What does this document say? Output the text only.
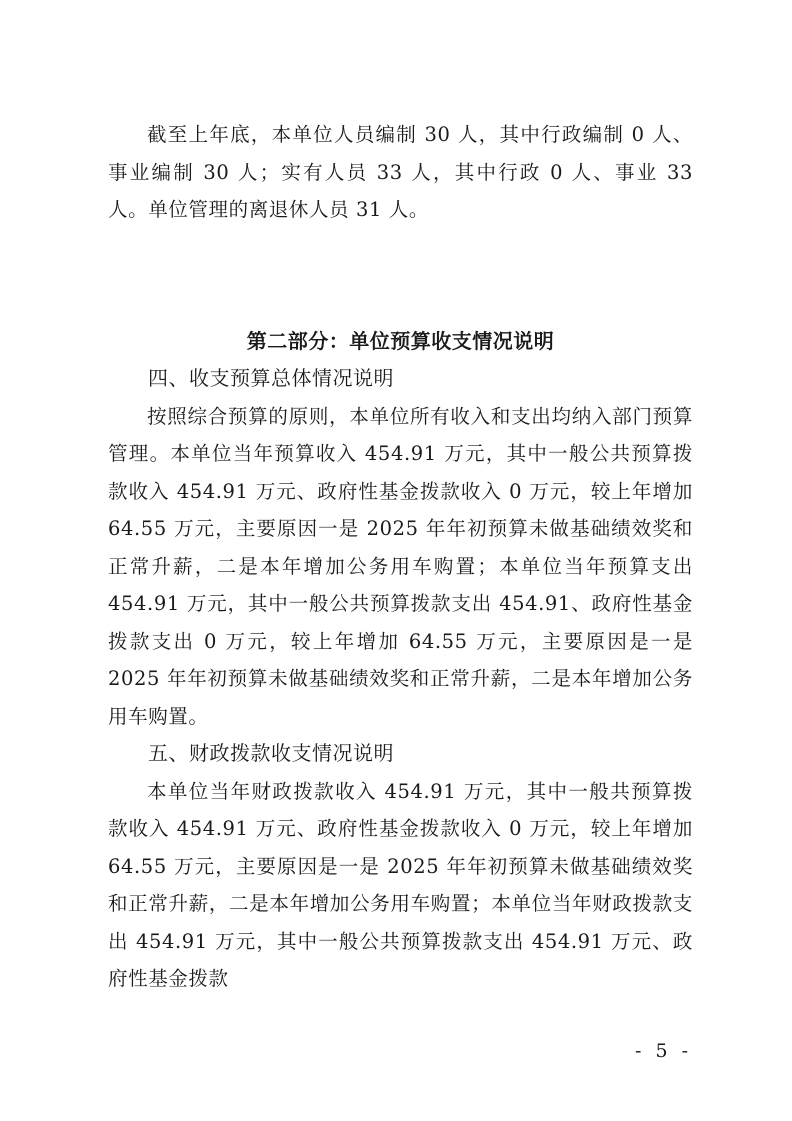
截至上年底，本单位人员编制 30 人，其中行政编制 0 人、事业编制 30 人；实有人员 33 人，其中行政 0 人、事业 33 人。单位管理的离退休人员 31 人。

第二部分：单位预算收支情况说明

四、收支预算总体情况说明

按照综合预算的原则，本单位所有收入和支出均纳入部门预算管理。本单位当年预算收入 454.91 万元，其中一般公共预算拨款收入 454.91 万元、政府性基金拨款收入 0 万元，较上年增加 64.55 万元，主要原因一是 2025 年年初预算未做基础绩效奖和正常升薪，二是本年增加公务用车购置；本单位当年预算支出 454.91 万元，其中一般公共预算拨款支出 454.91、政府性基金拨款支出 0 万元，较上年增加 64.55 万元，主要原因是一是 2025 年年初预算未做基础绩效奖和正常升薪，二是本年增加公务用车购置。

五、财政拨款收支情况说明

本单位当年财政拨款收入 454.91 万元，其中一般共预算拨款收入 454.91 万元、政府性基金拨款收入 0 万元，较上年增加 64.55 万元，主要原因是一是 2025 年年初预算未做基础绩效奖和正常升薪，二是本年增加公务用车购置；本单位当年财政拨款支出 454.91 万元，其中一般公共预算拨款支出 454.91 万元、政府性基金拨款

- 5 -
